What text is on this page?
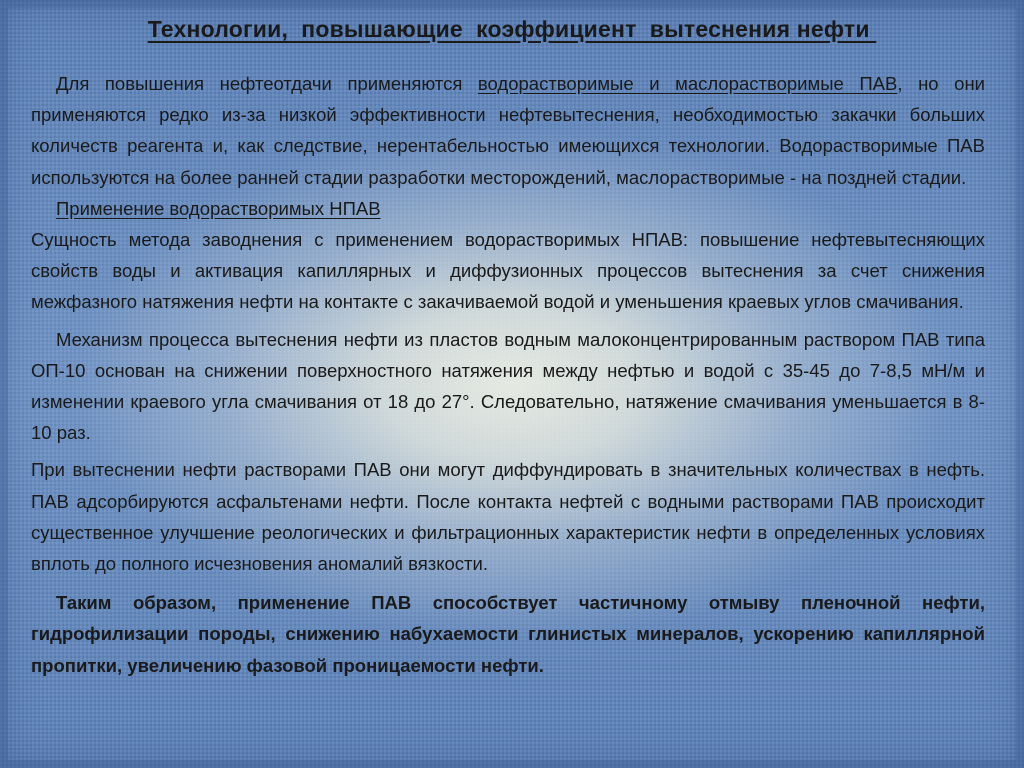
Технологии,  повышающие  коэффициент  вытеснения нефти

Для повышения нефтеотдачи применяются водорастворимые и маслорастворимые ПАВ, но они применяются редко из-за низкой эффективности нефтевытеснения, необходимостью закачки больших количеств реагента и, как следствие, нерентабельностью имеющихся технологии. Водорастворимые ПАВ используются на более ранней стадии разработки месторождений, маслорастворимые - на поздней стадии.

Применение водорастворимых НПАВ

Сущность метода заводнения с применением водорастворимых НПАВ: повышение нефтевытесняющих свойств воды и активация капиллярных и диффузионных процессов вытеснения за счет снижения межфазного натяжения нефти на контакте с закачиваемой водой и уменьшения краевых углов смачивания.

Механизм процесса вытеснения нефти из пластов водным малоконцентрированным раствором ПАВ типа ОП-10 основан на снижении поверхностного натяжения между нефтью и водой с 35-45 до 7-8,5 мН/м и изменении краевого угла смачивания от 18 до 27°. Следовательно, натяжение смачивания уменьшается в 8-10 раз.

При вытеснении нефти растворами ПАВ они могут диффундировать в значительных количествах в нефть. ПАВ адсорбируются асфальтенами нефти. После контакта нефтей с водными растворами ПАВ происходит существенное улучшение реологических и фильтрационных характеристик нефти в определенных условиях вплоть до полного исчезновения аномалий вязкости.

Таким образом, применение ПАВ способствует частичному отмыву пленочной нефти, гидрофилизации породы, снижению набухаемости глинистых минералов, ускорению капиллярной пропитки, увеличению фазовой проницаемости нефти.
